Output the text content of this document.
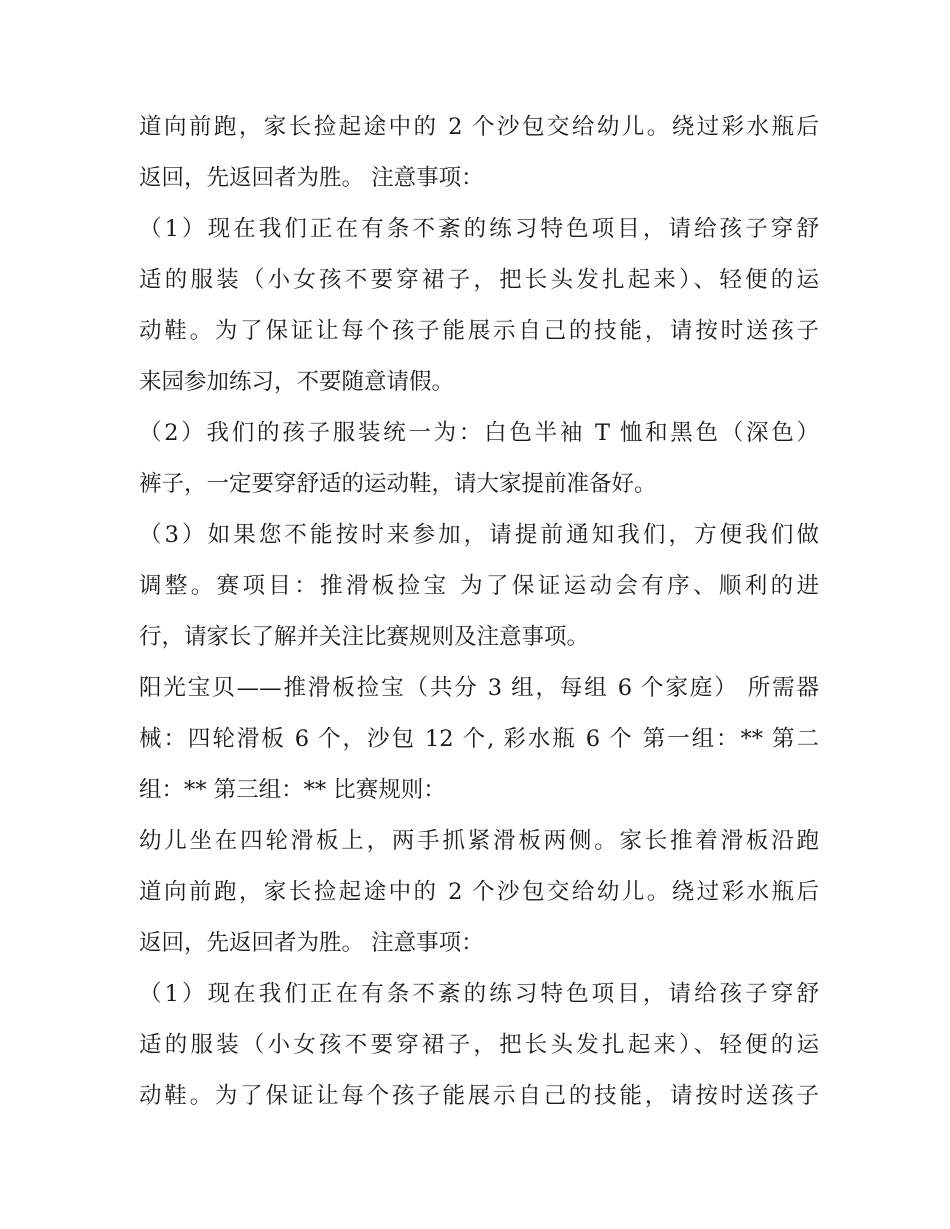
道向前跑，家长捡起途中的 2 个沙包交给幼儿。绕过彩水瓶后
返回，先返回者为胜。 注意事项：
（1）现在我们正在有条不紊的练习特色项目，请给孩子穿舒
适的服装（小女孩不要穿裙子，把长头发扎起来）、轻便的运
动鞋。为了保证让每个孩子能展示自己的技能，请按时送孩子
来园参加练习，不要随意请假。
（2）我们的孩子服装统一为：白色半袖 T 恤和黑色（深色）
裤子，一定要穿舒适的运动鞋，请大家提前准备好。
（3）如果您不能按时来参加，请提前通知我们，方便我们做
调整。赛项目：推滑板捡宝 为了保证运动会有序、顺利的进
行，请家长了解并关注比赛规则及注意事项。
阳光宝贝——推滑板捡宝（共分 3 组，每组 6 个家庭） 所需器
械：四轮滑板 6 个，沙包 12 个, 彩水瓶 6 个 第一组：** 第二
组：** 第三组：** 比赛规则：
幼儿坐在四轮滑板上，两手抓紧滑板两侧。家长推着滑板沿跑
道向前跑，家长捡起途中的 2 个沙包交给幼儿。绕过彩水瓶后
返回，先返回者为胜。 注意事项：
（1）现在我们正在有条不紊的练习特色项目，请给孩子穿舒
适的服装（小女孩不要穿裙子，把长头发扎起来）、轻便的运
动鞋。为了保证让每个孩子能展示自己的技能，请按时送孩子
